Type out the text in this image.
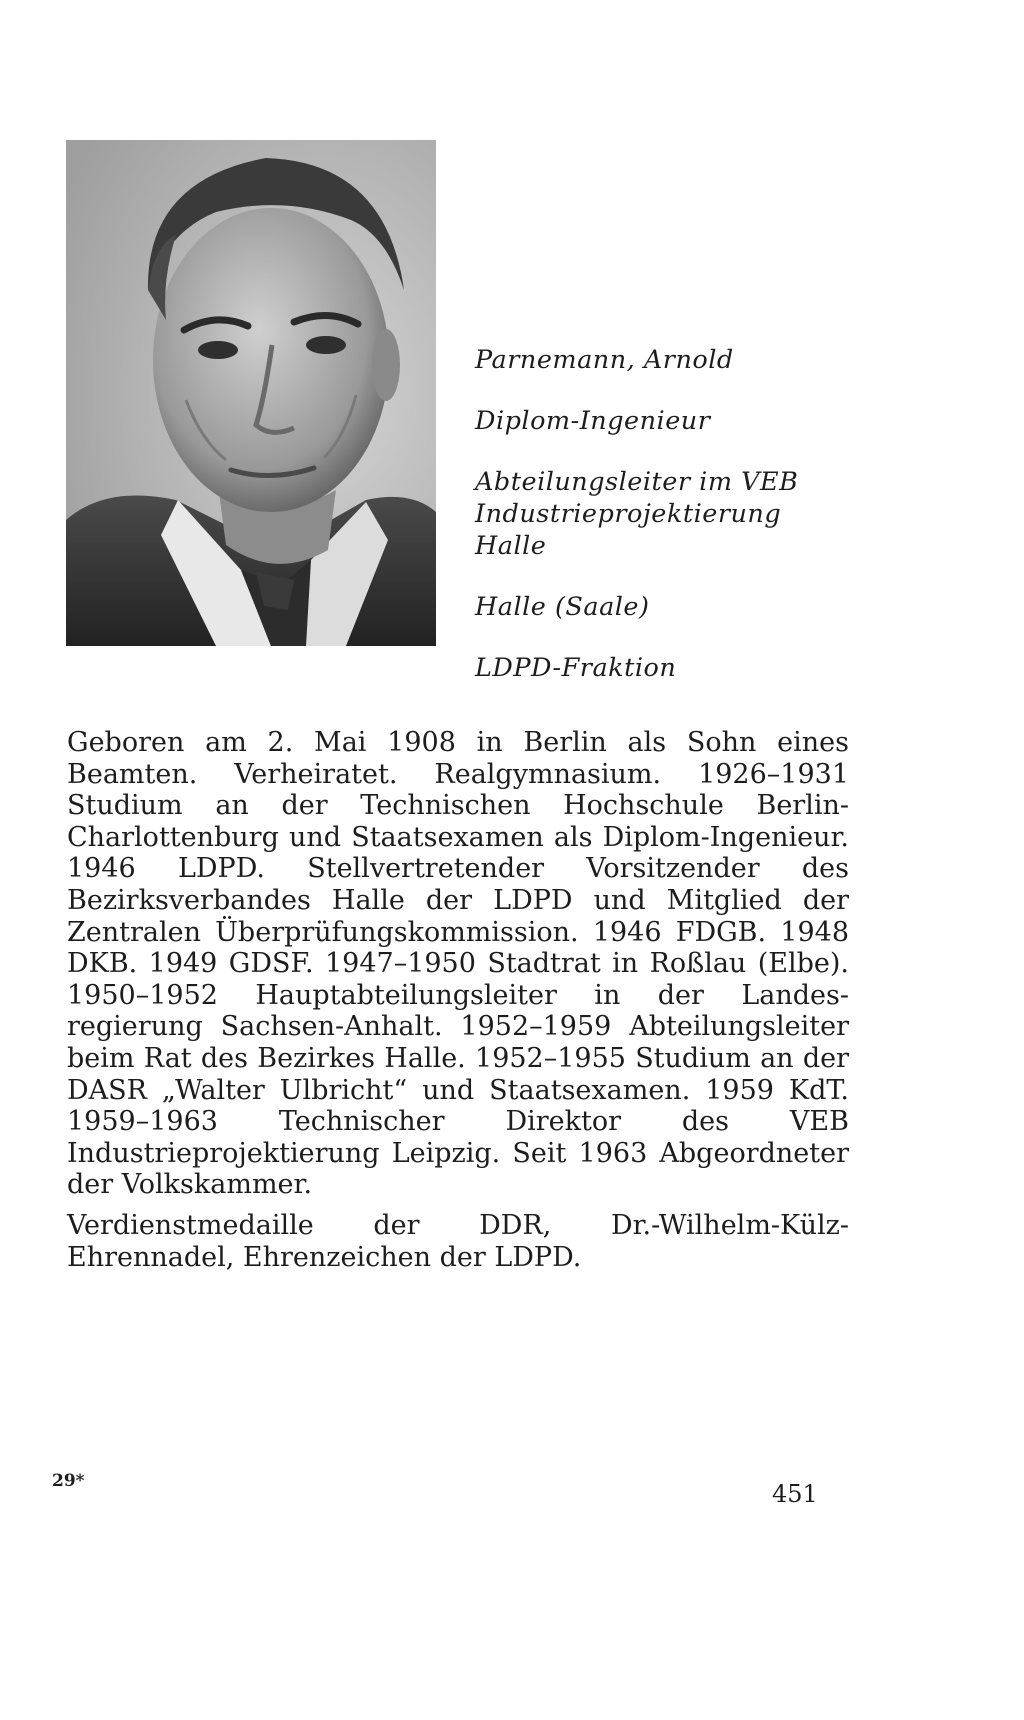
Parnemann, Arnold

Diplom-Ingenieur

Abteilungsleiter im VEB

Industrieprojektierung

Halle

Halle (Saale)

LDPD-Fraktion

Geboren am 2. Mai 1908 in Berlin als Sohn eines Beamten. Verheiratet. Realgymnasium. 1926–1931 Studium an der Technischen Hochschule Berlin-Charlottenburg und Staatsexamen als Diplom-Ingenieur. 1946 LDPD. Stellvertretender Vorsitzender des Bezirksverbandes Halle der LDPD und Mitglied der Zentralen Überprüfungskommission. 1946 FDGB. 1948 DKB. 1949 GDSF. 1947–1950 Stadtrat in Roßlau (Elbe). 1950–1952 Hauptabteilungsleiter in der Landesregierung Sachsen-Anhalt. 1952–1959 Abteilungsleiter beim Rat des Bezirkes Halle. 1952–1955 Studium an der DASR „Walter Ulbricht“ und Staatsexamen. 1959 KdT. 1959–1963 Technischer Direktor des VEB Industrieprojektierung Leipzig. Seit 1963 Abgeordneter der Volkskammer.

Verdienstmedaille der DDR, Dr.-Wilhelm-Külz-Ehrennadel, Ehrenzeichen der LDPD.

29*	451
